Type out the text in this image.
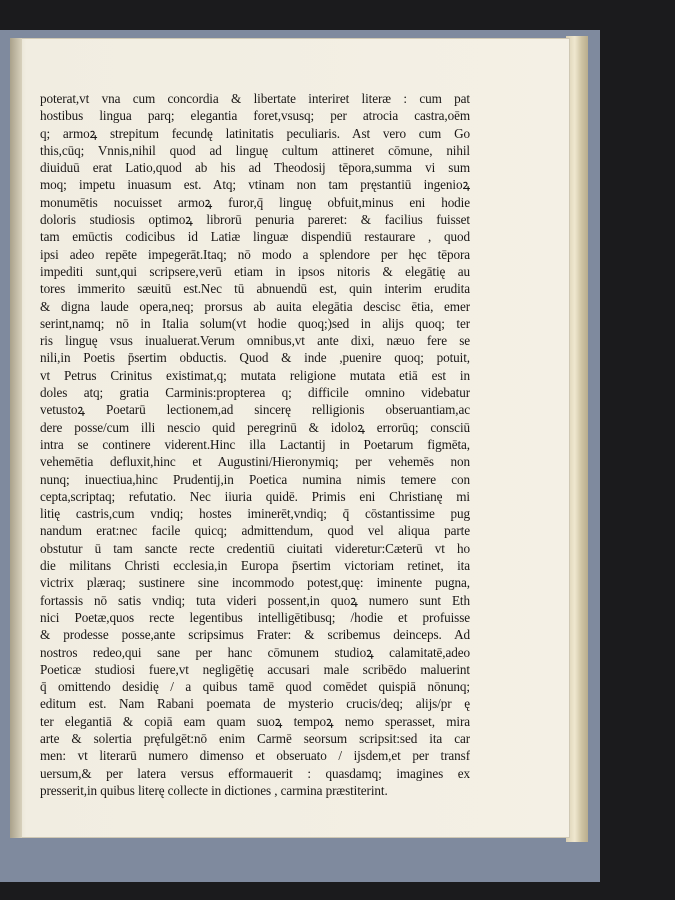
poterat,vt vna cum concordia & libertate interiret literæ : cum pat
hostibus lingua parq; elegantia foret,vsusq; per atrocia castra,oēm
q; armoꝝ strepitum fecundę latinitatis peculiaris. Ast vero cum Go
this,cūq; Vnnis,nihil quod ad linguę cultum attineret cōmune, nihil
diuiduū erat Latio,quod ab his ad Theodosij tēpora,summa vi sum
moq; impetu inuasum est. Atq; vtinam non tam pręstantiū ingenioꝝ
monumētis nocuisset armoꝝ furor,q̄ linguę obfuit,minus eni hodie
doloris studiosis optimoꝝ librorū penuria pareret: & facilius fuisset
tam emūctis codicibus id Latiæ linguæ dispendiū restaurare , quod
ipsi adeo repēte impegerāt.Itaq; nō modo a splendore per hęc tēpora
impediti sunt,qui scripsere,verū etiam in ipsos nitoris & elegātię au
tores immerito sæuitū est.Nec tū abnuendū est, quin interim erudita
& digna laude opera,neq; prorsus ab auita elegātia descisc ētia, emer
serint,namq; nō in Italia solum(vt hodie quoq;)sed in alijs quoq; ter
ris linguę vsus inualuerat.Verum omnibus,vt ante dixi, næuo fere se
nili,in Poetis p̄sertim obductis. Quod & inde ,puenire quoq; potuit,
vt Petrus Crinitus existimat,q; mutata religione mutata etiā est in
doles atq; gratia Carminis:propterea q; difficile omnino videbatur
vetustoꝝ Poetarū lectionem,ad sincerę relligionis obseruantiam,ac
dere posse/cum illi nescio quid peregrinū & idoloꝝ errorūq; consciū
intra se continere viderent.Hinc illa Lactantij in Poetarum figmēta,
vehemētia defluxit,hinc et Augustini/Hieronymiq; per vehemēs non
nunq; inuectiua,hinc Prudentij,in Poetica numina nimis temere con
cepta,scriptaq; refutatio. Nec iiuria quidē. Primis eni Christianę mi
litię castris,cum vndiq; hostes iminerēt,vndiq; q̄ cōstantissime pug
nandum erat:nec facile quicq; admittendum, quod vel aliqua parte
obstutur ū tam sancte recte credentiū ciuitati videretur:Cæterū vt ho
die militans Christi ecclesia,in Europa p̄sertim victoriam retinet, ita
victrix plæraq; sustinere sine incommodo potest,quę: iminente pugna,
fortassis nō satis vndiq; tuta videri possent,in quoꝝ numero sunt Eth
nici Poetæ,quos recte legentibus intelligētibusq; /hodie et profuisse
& prodesse posse,ante scripsimus Frater: & scribemus deinceps. Ad
nostros redeo,qui sane per hanc cōmunem studioꝝ calamitatē,adeo
Poeticæ studiosi fuere,vt negligētię accusari male scribēdo maluerint
q̄ omittendo desidię / a quibus tamē quod comēdet quispiā nōnunq;
editum est. Nam Rabani poemata de mysterio crucis/deq; alijs/pr ę
ter elegantiā & copiā eam quam suoꝝ tempoꝝ nemo sperasset, mira
arte & solertia pręfulgēt:nō enim Carmē seorsum scripsit:sed ita car
men: vt literarū numero dimenso et obseruato / ijsdem,et per transf
uersum,& per latera versus efformauerit : quasdamq; imagines ex
presserit,in quibus literę collecte in dictiones , carmina præstiterint.
